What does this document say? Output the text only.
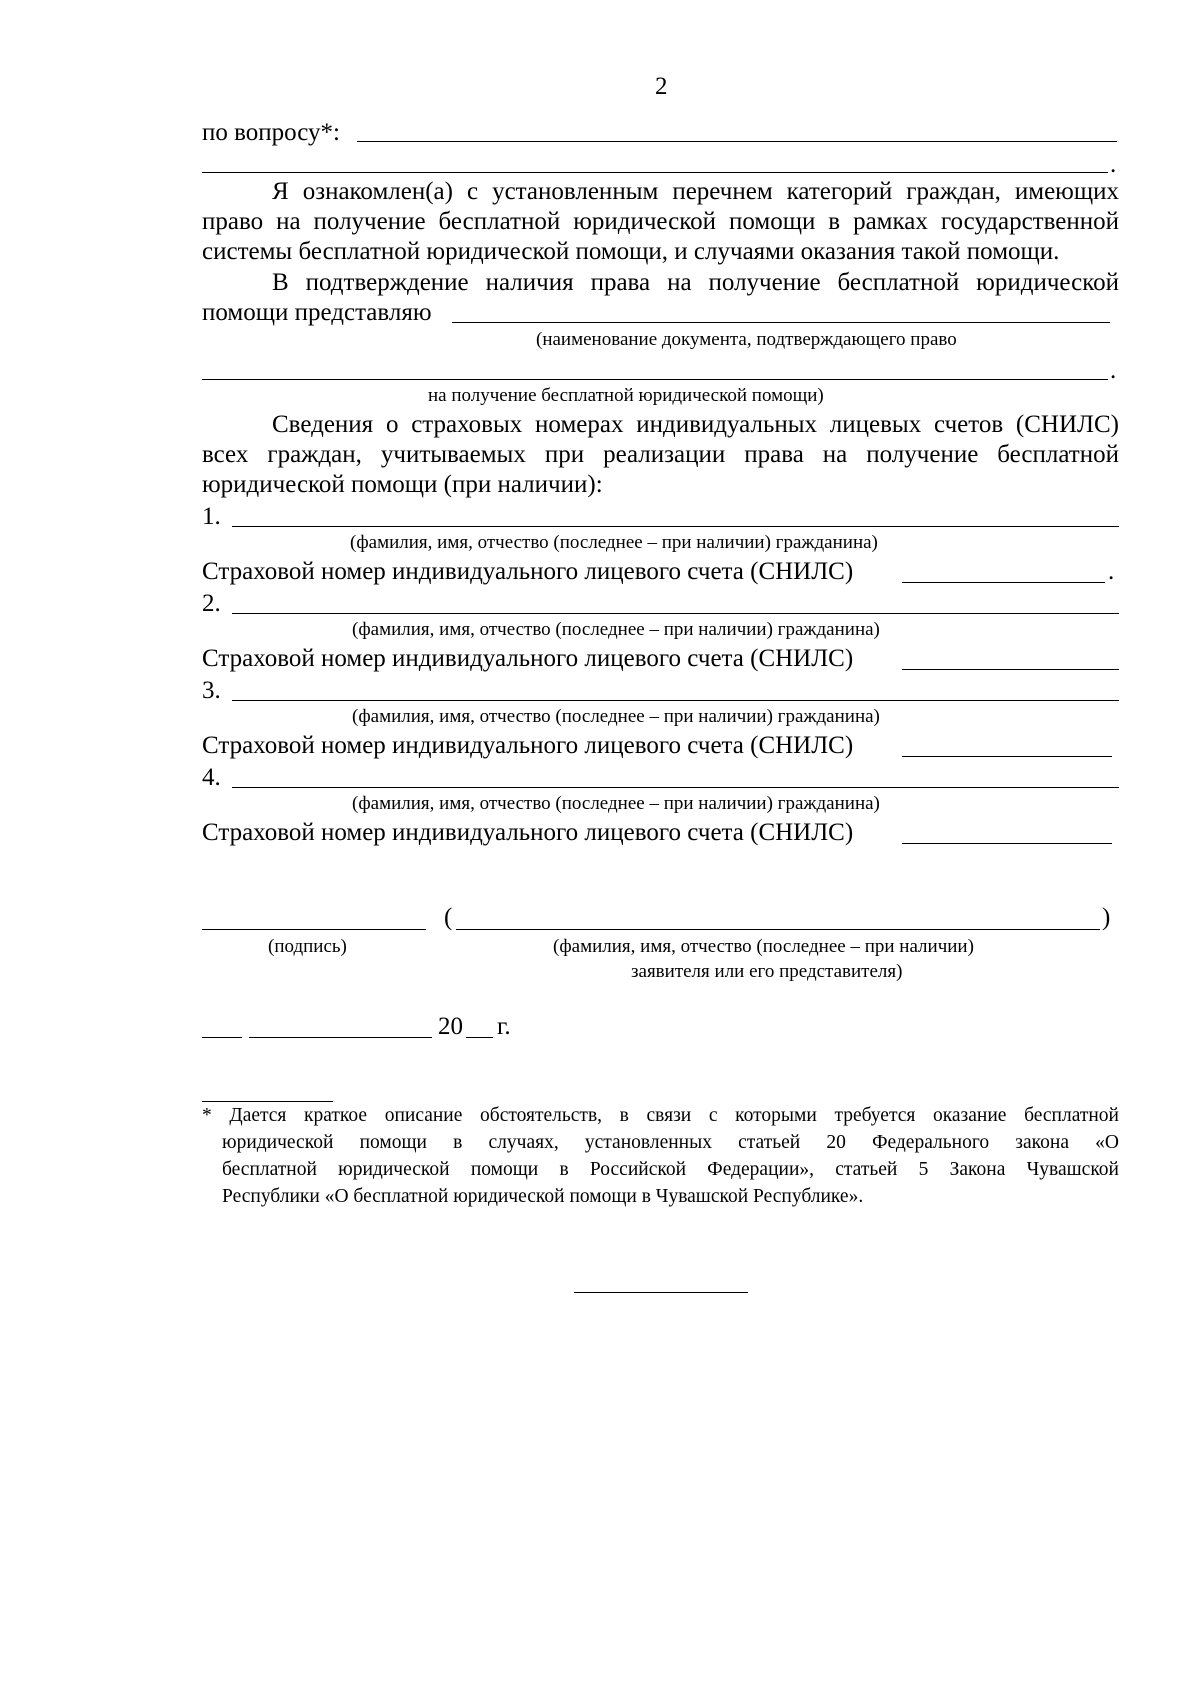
2
по вопросу*:
.
Я ознакомлен(а) с установленным перечнем категорий граждан, имеющих
право на получение бесплатной юридической помощи в рамках государственной
системы бесплатной юридической помощи, и случаями оказания такой помощи.
В подтверждение наличия права на получение бесплатной юридической
помощи представляю
(наименование документа, подтверждающего право
.
на получение бесплатной юридической помощи)
Сведения о страховых номерах индивидуальных лицевых счетов (СНИЛС)
всех граждан, учитываемых при реализации права на получение бесплатной
юридической помощи (при наличии):
1.
(фамилия, имя, отчество (последнее – при наличии) гражданина)
Страховой номер индивидуального лицевого счета (СНИЛС)	.
2.
(фамилия, имя, отчество (последнее – при наличии) гражданина)
Страховой номер индивидуального лицевого счета (СНИЛС)
3.
(фамилия, имя, отчество (последнее – при наличии) гражданина)
Страховой номер индивидуального лицевого счета (СНИЛС)
4.
(фамилия, имя, отчество (последнее – при наличии) гражданина)
Страховой номер индивидуального лицевого счета (СНИЛС)
(	)
(подпись)	(фамилия, имя, отчество (последнее – при наличии)
заявителя или его представителя)
20 г.
* Дается краткое описание обстоятельств, в связи с которыми требуется оказание бесплатной
юридической помощи в случаях, установленных статьей 20 Федерального закона «О
бесплатной юридической помощи в Российской Федерации», статьей 5 Закона Чувашской
Республики «О бесплатной юридической помощи в Чувашской Республике».
